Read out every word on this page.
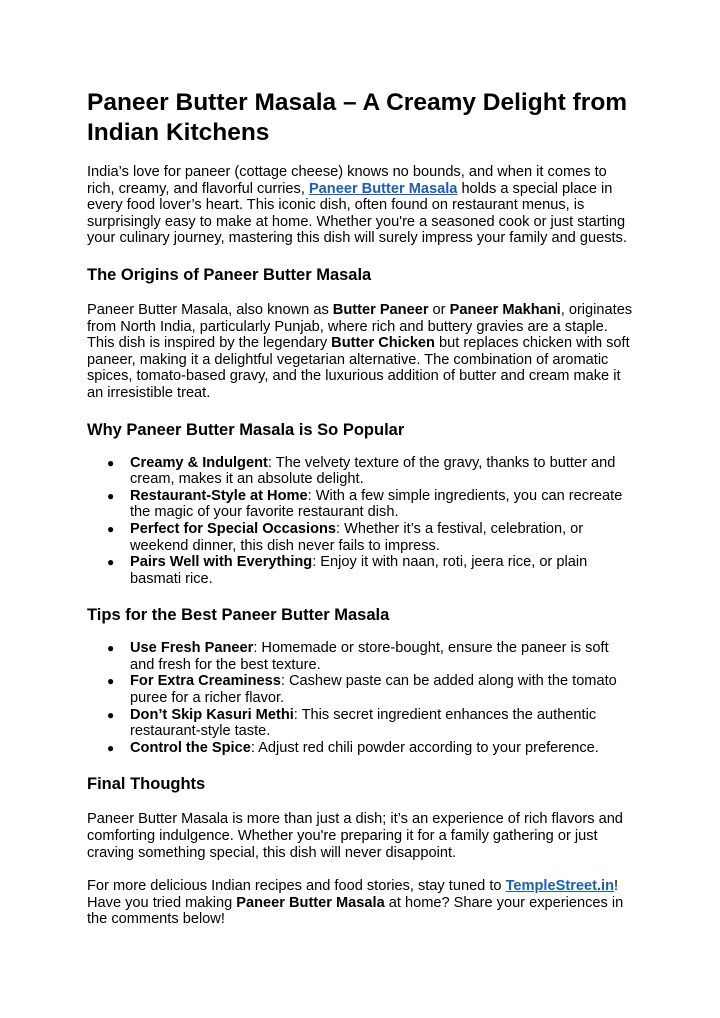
Paneer Butter Masala – A Creamy Delight from Indian Kitchens

India’s love for paneer (cottage cheese) knows no bounds, and when it comes to rich, creamy, and flavorful curries, Paneer Butter Masala holds a special place in every food lover’s heart. This iconic dish, often found on restaurant menus, is surprisingly easy to make at home. Whether you're a seasoned cook or just starting your culinary journey, mastering this dish will surely impress your family and guests.

The Origins of Paneer Butter Masala

Paneer Butter Masala, also known as Butter Paneer or Paneer Makhani, originates from North India, particularly Punjab, where rich and buttery gravies are a staple. This dish is inspired by the legendary Butter Chicken but replaces chicken with soft paneer, making it a delightful vegetarian alternative. The combination of aromatic spices, tomato-based gravy, and the luxurious addition of butter and cream make it an irresistible treat.

Why Paneer Butter Masala is So Popular
● Creamy & Indulgent: The velvety texture of the gravy, thanks to butter and cream, makes it an absolute delight.
● Restaurant-Style at Home: With a few simple ingredients, you can recreate the magic of your favorite restaurant dish.
● Perfect for Special Occasions: Whether it’s a festival, celebration, or weekend dinner, this dish never fails to impress.
● Pairs Well with Everything: Enjoy it with naan, roti, jeera rice, or plain basmati rice.
Tips for the Best Paneer Butter Masala
● Use Fresh Paneer: Homemade or store-bought, ensure the paneer is soft and fresh for the best texture.
● For Extra Creaminess: Cashew paste can be added along with the tomato puree for a richer flavor.
● Don’t Skip Kasuri Methi: This secret ingredient enhances the authentic restaurant-style taste.
● Control the Spice: Adjust red chili powder according to your preference.
Final Thoughts

Paneer Butter Masala is more than just a dish; it’s an experience of rich flavors and comforting indulgence. Whether you're preparing it for a family gathering or just craving something special, this dish will never disappoint.

For more delicious Indian recipes and food stories, stay tuned to TempleStreet.in! Have you tried making Paneer Butter Masala at home? Share your experiences in the comments below!
